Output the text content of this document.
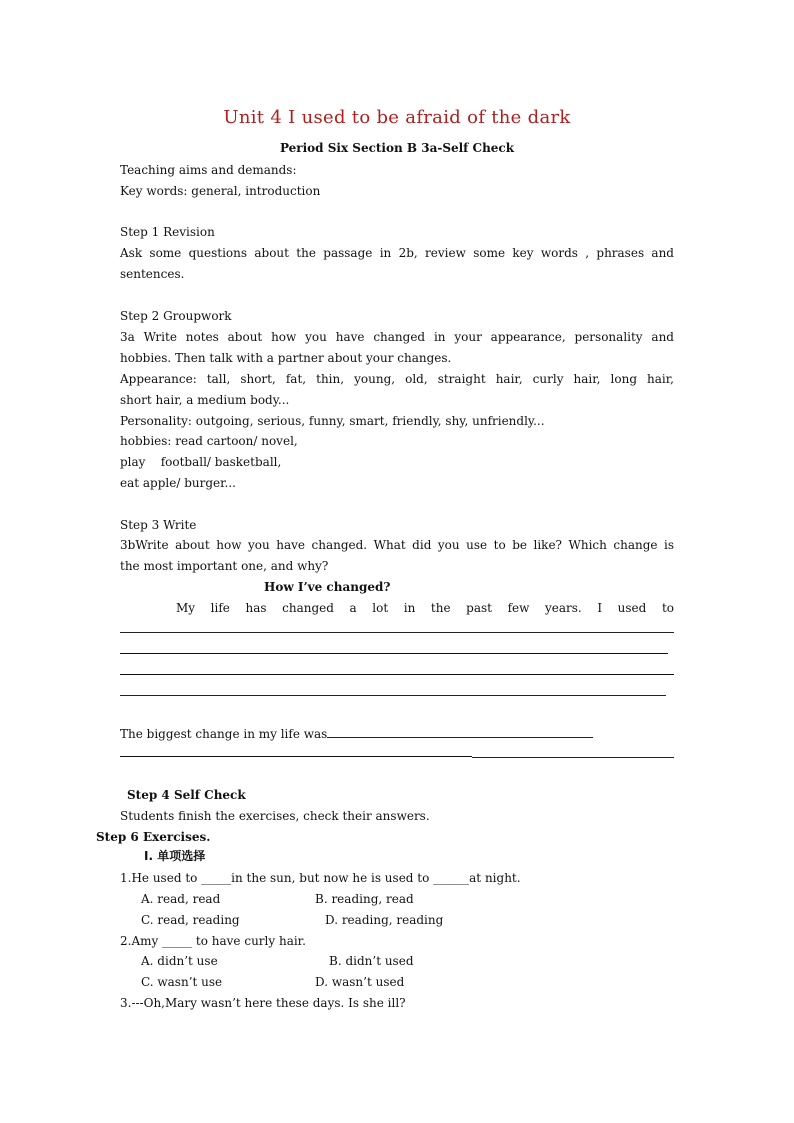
Unit 4 I used to be afraid of the dark
Period Six Section B 3a-Self Check
Teaching aims and demands:
Key words: general, introduction
Step 1 Revision
Ask some questions about the passage in 2b, review some key words , phrases and
sentences.
Step 2 Groupwork
3a Write notes about how you have changed in your appearance, personality and
hobbies. Then talk with a partner about your changes.
Appearance: tall, short, fat, thin, young, old, straight hair, curly hair, long hair,
short hair, a medium body...
Personality: outgoing, serious, funny, smart, friendly, shy, unfriendly...
hobbies: read cartoon/ novel,
play    football/ basketball,
eat apple/ burger...
Step 3 Write
3bWrite about how you have changed. What did you use to be like? Which change is
the most important one, and why?
How I’ve changed?
My life has changed a lot in the past few years. I used to
The biggest change in my life was
Step 4 Self Check
Students finish the exercises, check their answers.
Step 6 Exercises.
I. 单项选择
1.He used to _____in the sun, but now he is used to ______at night.
A. read, read	B. reading, read
C. read, reading	D. reading, reading
2.Amy _____ to have curly hair.
A. didn’t use	B. didn’t used
C. wasn’t use	D. wasn’t used
3.---Oh,Mary wasn’t here these days. Is she ill?
